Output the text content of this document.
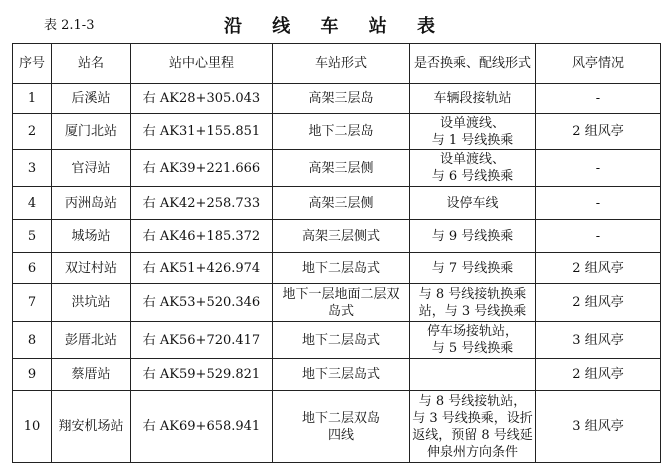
表 2.1-3	沿 线 车 站 表
序号	站名	站中心里程	车站形式	是否换乘、配线形式	风亭情况
1	后溪站	右 AK28+305.043	高架三层岛	车辆段接轨站	-
2	厦门北站	右 AK31+155.851	地下二层岛	设单渡线、
与 1 号线换乘	2 组风亭
3	官浔站	右 AK39+221.666	高架三层侧	设单渡线、
与 6 号线换乘	-
4	丙洲岛站	右 AK42+258.733	高架三层侧	设停车线	-
5	城场站	右 AK46+185.372	高架三层侧式	与 9 号线换乘	-
6	双过村站	右 AK51+426.974	地下二层岛式	与 7 号线换乘	2 组风亭
7	洪坑站	右 AK53+520.346	地下一层地面二层双
岛式	与 8 号线接轨换乘
站，与 3 号线换乘	2 组风亭
8	彭厝北站	右 AK56+720.417	地下二层岛式	停车场接轨站，
与 5 号线换乘	3 组风亭
9	蔡厝站	右 AK59+529.821	地下三层岛式		2 组风亭
10	翔安机场站	右 AK69+658.941	地下二层双岛
四线	与 8 号线接轨站，
与 3 号线换乘，设折
返线，预留 8 号线延
伸泉州方向条件	3 组风亭
